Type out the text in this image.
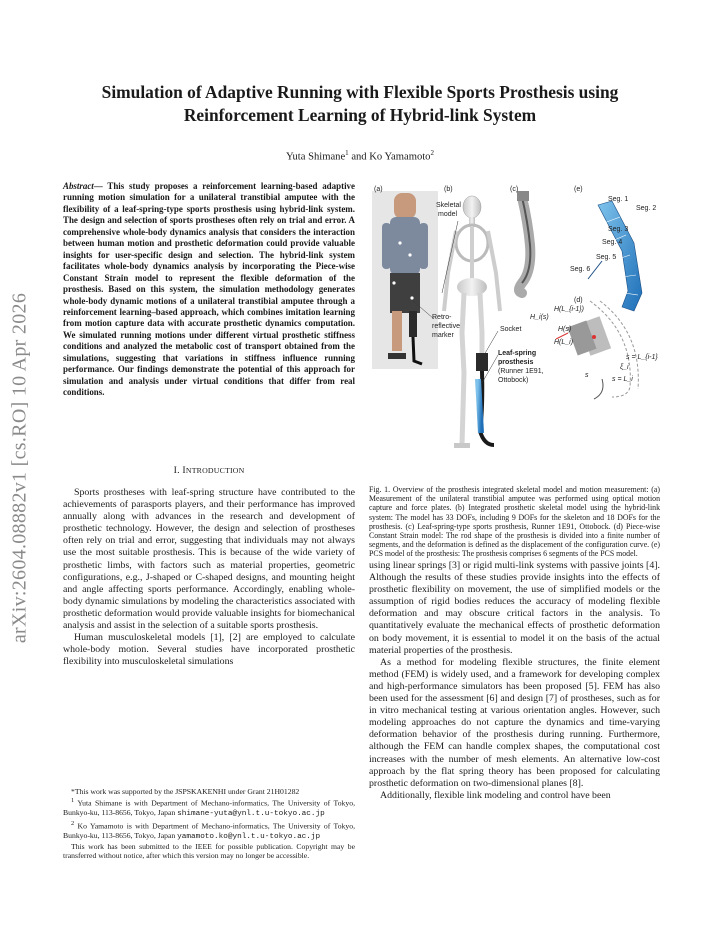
arXiv:2604.08882v1 [cs.RO] 10 Apr 2026
Simulation of Adaptive Running with Flexible Sports Prosthesis using Reinforcement Learning of Hybrid-link System
Yuta Shimane$^1$ and Ko Yamamoto$^2$
Abstract— This study proposes a reinforcement learning-based adaptive running motion simulation for a unilateral transtibial amputee with the flexibility of a leaf-spring-type sports prosthesis using hybrid-link system. The design and selection of sports prostheses often rely on trial and error. A comprehensive whole-body dynamics analysis that considers the interaction between human motion and prosthetic deformation could provide valuable insights for user-specific design and selection. The hybrid-link system facilitates whole-body dynamics analysis by incorporating the Piece-wise Constant Strain model to represent the flexible deformation of the prosthesis. Based on this system, the simulation methodology generates whole-body dynamic motions of a unilateral transtibial amputee through a reinforcement learning–based approach, which combines imitation learning from motion capture data with accurate prosthetic dynamics computation. We simulated running motions under different virtual prosthetic stiffness conditions and analyzed the metabolic cost of transport obtained from the simulations, suggesting that variations in stiffness influence running performance. Our findings demonstrate the potential of this approach for simulation and analysis under virtual conditions that differ from real conditions.
I. INTRODUCTION

Sports prostheses with leaf-spring structure have contributed to the achievements of parasports players, and their performance has improved annually along with advances in the research and development of prosthetic technology. However, the design and selection of prostheses often rely on trial and error, suggesting that individuals may not always use the most suitable prosthesis. This is because of the wide variety of prosthetic limbs, with factors such as material properties, geometric configurations, e.g., J-shaped or C-shaped designs, and mounting height and angle affecting sports performance. Accordingly, enabling whole-body dynamic simulations by modeling the characteristics associated with prosthetic deformation would provide valuable insights for biomechanical analysis and assist in the selection of a suitable sports prosthesis.

Human musculoskeletal models [1], [2] are employed to calculate whole-body motion. Several studies have incorporated prosthetic flexibility into musculoskeletal simulations

*This work was supported by the JSPSKAKENHI under Grant 21H01282
$^1$ Yuta Shimane is with Department of Mechano-informatics, The University of Tokyo, Bunkyo-ku, 113-8656, Tokyo, Japan shimane-yuta@ynl.t.u-tokyo.ac.jp
$^2$ Ko Yamamoto is with Department of Mechano-informatics, The University of Tokyo, Bunkyo-ku, 113-8656, Tokyo, Japan yamamoto.ko@ynl.t.u-tokyo.ac.jp
This work has been submitted to the IEEE for possible publication. Copyright may be transferred without notice, after which this version may no longer be accessible.
(a)	(b)	(c)	(e)
(d)
Skeletal
model
Retro-
reflective
marker
Socket
Leaf-spring
prosthesis
(Runner 1E91,
Ottobock)
Seg. 1
Seg. 2
Seg. 3
Seg. 4
Seg. 5
Seg. 6
H_i(s)
H(L_{i-1})
H(s)
H(L_i)
s = L_{i-1}
ξ_i
s
s = L_i
Fig. 1. Overview of the prosthesis integrated skeletal model and motion measurement: (a) Measurement of the unilateral transtibial amputee was performed using optical motion capture and force plates. (b) Integrated prosthetic skeletal model using the hybrid-link system: The model has 33 DOFs, including 9 DOFs for the skeleton and 18 DOFs for the prosthesis. (c) Leaf-spring-type sports prosthesis, Runner 1E91, Ottobock. (d) Piece-wise Constant Strain model: The rod shape of the prosthesis is divided into a finite number of segments, and the deformation is defined as the displacement of the configuration curve. (e) PCS model of the prosthesis: The prosthesis comprises 6 segments of the PCS model.

using linear springs [3] or rigid multi-link systems with passive joints [4]. Although the results of these studies provide insights into the effects of prosthetic flexibility on movement, the use of simplified models or the assumption of rigid bodies reduces the accuracy of modeling flexible deformation and may obscure critical factors in the analysis. To quantitatively evaluate the mechanical effects of prosthetic deformation on body movement, it is essential to model it on the basis of the actual material properties of the prosthesis.

As a method for modeling flexible structures, the finite element method (FEM) is widely used, and a framework for developing complex and high-performance simulators has been proposed [5]. FEM has also been used for the assessment [6] and design [7] of prostheses, such as for in vitro mechanical testing at various orientation angles. However, such modeling approaches do not capture the dynamics and time-varying deformation behavior of the prosthesis during running. Furthermore, although the FEM can handle complex shapes, the computational cost increases with the number of mesh elements. An alternative low-cost approach by the flat spring theory has been proposed for calculating prosthetic deformation on two-dimensional planes [8].

Additionally, flexible link modeling and control have been
